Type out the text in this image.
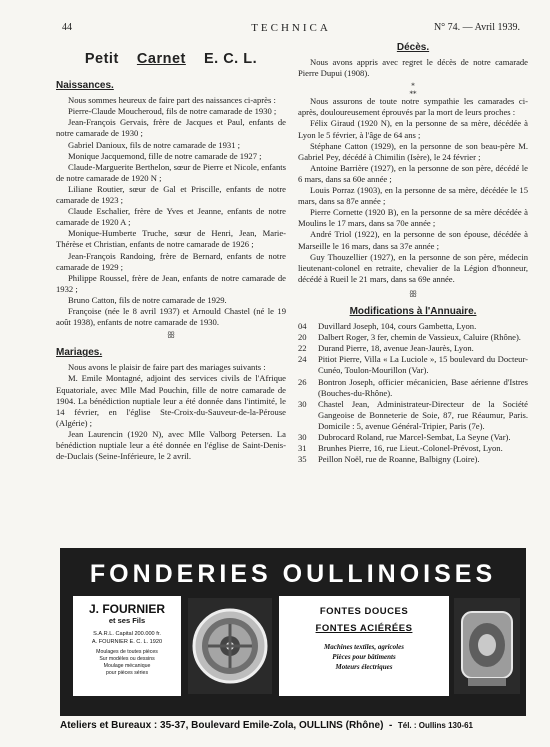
44	TECHNICA	N° 74. — Avril 1939.
Petit Carnet E. C. L.
Naissances.

Nous sommes heureux de faire part des naissances ci-après :

Pierre-Claude Moucheroud, fils de notre camarade de 1930 ;

Jean-François Gervais, frère de Jacques et Paul, enfants de notre camarade de 1930 ;

Gabriel Danioux, fils de notre camarade de 1931 ;

Monique Jacquemond, fille de notre camarade de 1927 ;

Claude-Marguerite Berthelon, sœur de Pierre et Nicole, enfants de notre camarade de 1920 N ;

Liliane Routier, sœur de Gal et Priscille, enfants de notre camarade de 1923 ;

Claude Eschalier, frère de Yves et Jeanne, enfants de notre camarade de 1920 A ;

Monique-Humberte Truche, sœur de Henri, Jean, Marie-Thérèse et Christian, enfants de notre camarade de 1926 ;

Jean-François Randoing, frère de Bernard, enfants de notre camarade de 1929 ;

Philippe Roussel, frère de Jean, enfants de notre camarade de 1932 ;

Bruno Catton, fils de notre camarade de 1929.

Françoise (née le 8 avril 1937) et Arnould Chastel (né le 19 août 1938), enfants de notre camarade de 1930.

ꕥ
Mariages.

Nous avons le plaisir de faire part des mariages suivants :

M. Emile Montagné, adjoint des services civils de l'Afrique Equatoriale, avec Mlle Mad Pouchin, fille de notre camarade de 1904. La bénédiction nuptiale leur a été donnée dans l'intimité, le 14 février, en l'église Ste-Croix-du-Sauveur-de-la-Pérouse (Algérie) ;

Jean Laurencin (1920 N), avec Mlle Valborg Petersen. La bénédiction nuptiale leur a été donnée en l'église de Saint-Denis-de-Duclais (Seine-Inférieure, le 2 avril.

Décès.

Nous avons appris avec regret le décès de notre camarade Pierre Dupui (1908).

⁎
⁎⁎

Nous assurons de toute notre sympathie les camarades ci-après, douloureusement éprouvés par la mort de leurs proches :

Félix Giraud (1920 N), en la personne de sa mère, décédée à Lyon le 5 février, à l'âge de 64 ans ;

Stéphane Catton (1929), en la personne de son beau-père M. Gabriel Pey, décédé à Chimilin (Isère), le 24 février ;

Antoine Barrière (1927), en la personne de son père, décédé le 6 mars, dans sa 60e année ;

Louis Porraz (1903), en la personne de sa mère, décédée le 15 mars, dans sa 87e année ;

Pierre Cornette (1920 B), en la personne de sa mère décédée à Moulins le 17 mars, dans sa 70e année ;

André Triol (1922), en la personne de son épouse, décédée à Marseille le 16 mars, dans sa 37e année ;

Guy Thouzellier (1927), en la personne de son père, médecin lieutenant-colonel en retraite, chevalier de la Légion d'honneur, décédé à Rueil le 21 mars, dans sa 69e année.

ꕥ
Modifications à l'Annuaire.
04	Duvillard Joseph, 104, cours Gambetta, Lyon.
20	Dalbert Roger, 3 fer, chemin de Vassieux, Caluire (Rhône).
22	Durand Pierre, 18, avenue Jean-Jaurès, Lyon.
24	Pitiot Pierre, Villa « La Luciole », 15 boulevard du Docteur-Cunéo, Toulon-Mourillon (Var).
26	Bontron Joseph, officier mécanicien, Base aérienne d'Istres (Bouches-du-Rhône).
30	Chastel Jean, Administrateur-Directeur de la Société Gangeoise de Bonneterie de Soie, 87, rue Réaumur, Paris. Domicile : 5, avenue Général-Tripier, Paris (7e).
30	Dubrocard Roland, rue Marcel-Sembat, La Seyne (Var).
31	Brunhes Pierre, 16, rue Lieut.-Colonel-Prévost, Lyon.
35	Peillon Noël, rue de Roanne, Balbigny (Loire).
FONDERIES OULLINOISES
J. FOURNIER
et ses Fils
S.A.R.L. Capital 200.000 fr.
A. FOURNIER E. C. L. 1920
Moulages de toutes pièces
Sur modèles ou dessins
Moulage mécanique
pour pièces séries
FONTES DOUCES
FONTES ACIÉRÉES
Machines textiles, agricoles
Pièces pour bâtiments
Moteurs électriques
Ateliers et Bureaux : 35-37, Boulevard Emile-Zola, OULLINS (Rhône)  -  Tél. : Oullins 130-61
